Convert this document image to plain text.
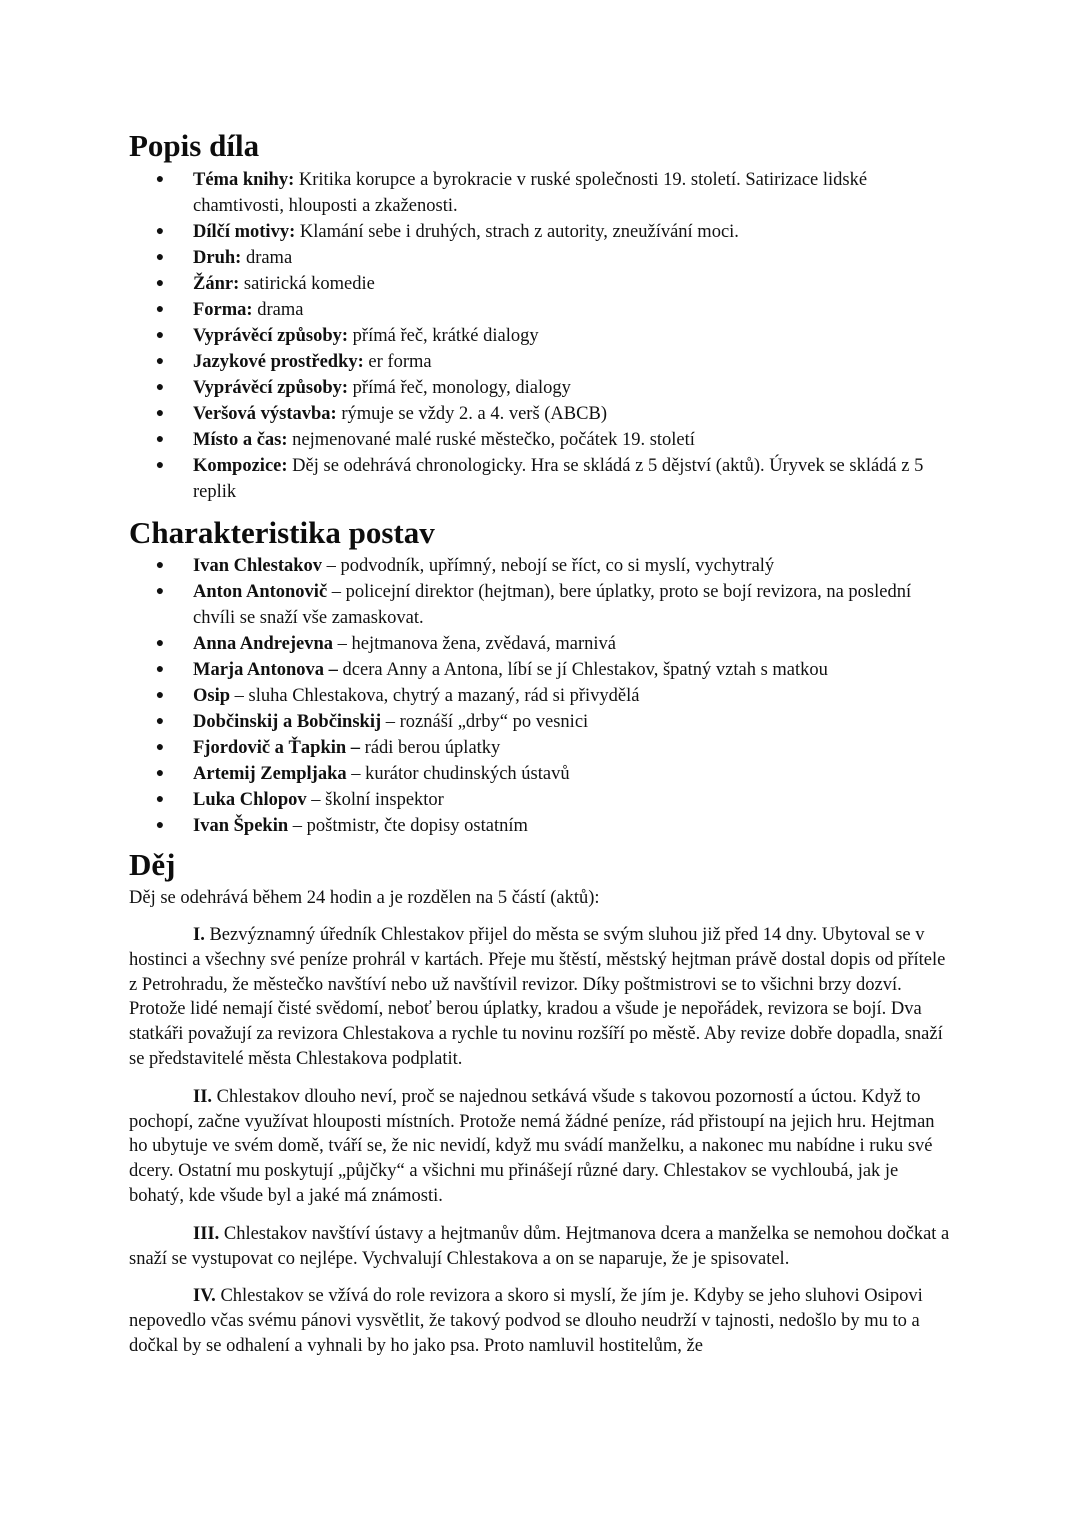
Popis díla
● Téma knihy: Kritika korupce a byrokracie v ruské společnosti 19. století. Satirizace lidské chamtivosti, hlouposti a zkaženosti.
● Dílčí motivy: Klamání sebe i druhých, strach z autority, zneužívání moci.
● Druh: drama
● Žánr: satirická komedie
● Forma: drama
● Vyprávěcí způsoby: přímá řeč, krátké dialogy
● Jazykové prostředky: er forma
● Vyprávěcí způsoby: přímá řeč, monology, dialogy
● Veršová výstavba: rýmuje se vždy 2. a 4. verš (ABCB)
● Místo a čas: nejmenované malé ruské městečko, počátek 19. století
● Kompozice: Děj se odehrává chronologicky. Hra se skládá z 5 dějství (aktů). Úryvek se skládá z 5 replik
Charakteristika postav
● Ivan Chlestakov – podvodník, upřímný, nebojí se říct, co si myslí, vychytralý
● Anton Antonovič – policejní direktor (hejtman), bere úplatky, proto se bojí revizora, na poslední chvíli se snaží vše zamaskovat.
● Anna Andrejevna – hejtmanova žena, zvědavá, marnivá
● Marja Antonova – dcera Anny a Antona, líbí se jí Chlestakov, špatný vztah s matkou
● Osip – sluha Chlestakova, chytrý a mazaný, rád si přivydělá
● Dobčinskij a Bobčinskij – roznáší „drby“ po vesnici
● Fjordovič a Ťapkin – rádi berou úplatky
● Artemij Zempljaka – kurátor chudinských ústavů
● Luka Chlopov – školní inspektor
● Ivan Špekin – poštmistr, čte dopisy ostatním
Děj

Děj se odehrává během 24 hodin a je rozdělen na 5 částí (aktů):

I. Bezvýznamný úředník Chlestakov přijel do města se svým sluhou již před 14 dny. Ubytoval se v hostinci a všechny své peníze prohrál v kartách. Přeje mu štěstí, městský hejtman právě dostal dopis od přítele z Petrohradu, že městečko navštíví nebo už navštívil revizor. Díky poštmistrovi se to všichni brzy dozví. Protože lidé nemají čisté svědomí, neboť berou úplatky, kradou a všude je nepořádek, revizora se bojí. Dva statkáři považují za revizora Chlestakova a rychle tu novinu rozšíří po městě. Aby revize dobře dopadla, snaží se představitelé města Chlestakova podplatit.

II. Chlestakov dlouho neví, proč se najednou setkává všude s takovou pozorností a úctou. Když to pochopí, začne využívat hlouposti místních. Protože nemá žádné peníze, rád přistoupí na jejich hru. Hejtman ho ubytuje ve svém domě, tváří se, že nic nevidí, když mu svádí manželku, a nakonec mu nabídne i ruku své dcery. Ostatní mu poskytují „půjčky“ a všichni mu přinášejí různé dary. Chlestakov se vychloubá, jak je bohatý, kde všude byl a jaké má známosti.

III. Chlestakov navštíví ústavy a hejtmanův dům. Hejtmanova dcera a manželka se nemohou dočkat a snaží se vystupovat co nejlépe. Vychvalují Chlestakova a on se naparuje, že je spisovatel.

IV. Chlestakov se vžívá do role revizora a skoro si myslí, že jím je. Kdyby se jeho sluhovi Osipovi nepovedlo včas svému pánovi vysvětlit, že takový podvod se dlouho neudrží v tajnosti, nedošlo by mu to a dočkal by se odhalení a vyhnali by ho jako psa. Proto namluvil hostitelům, že
